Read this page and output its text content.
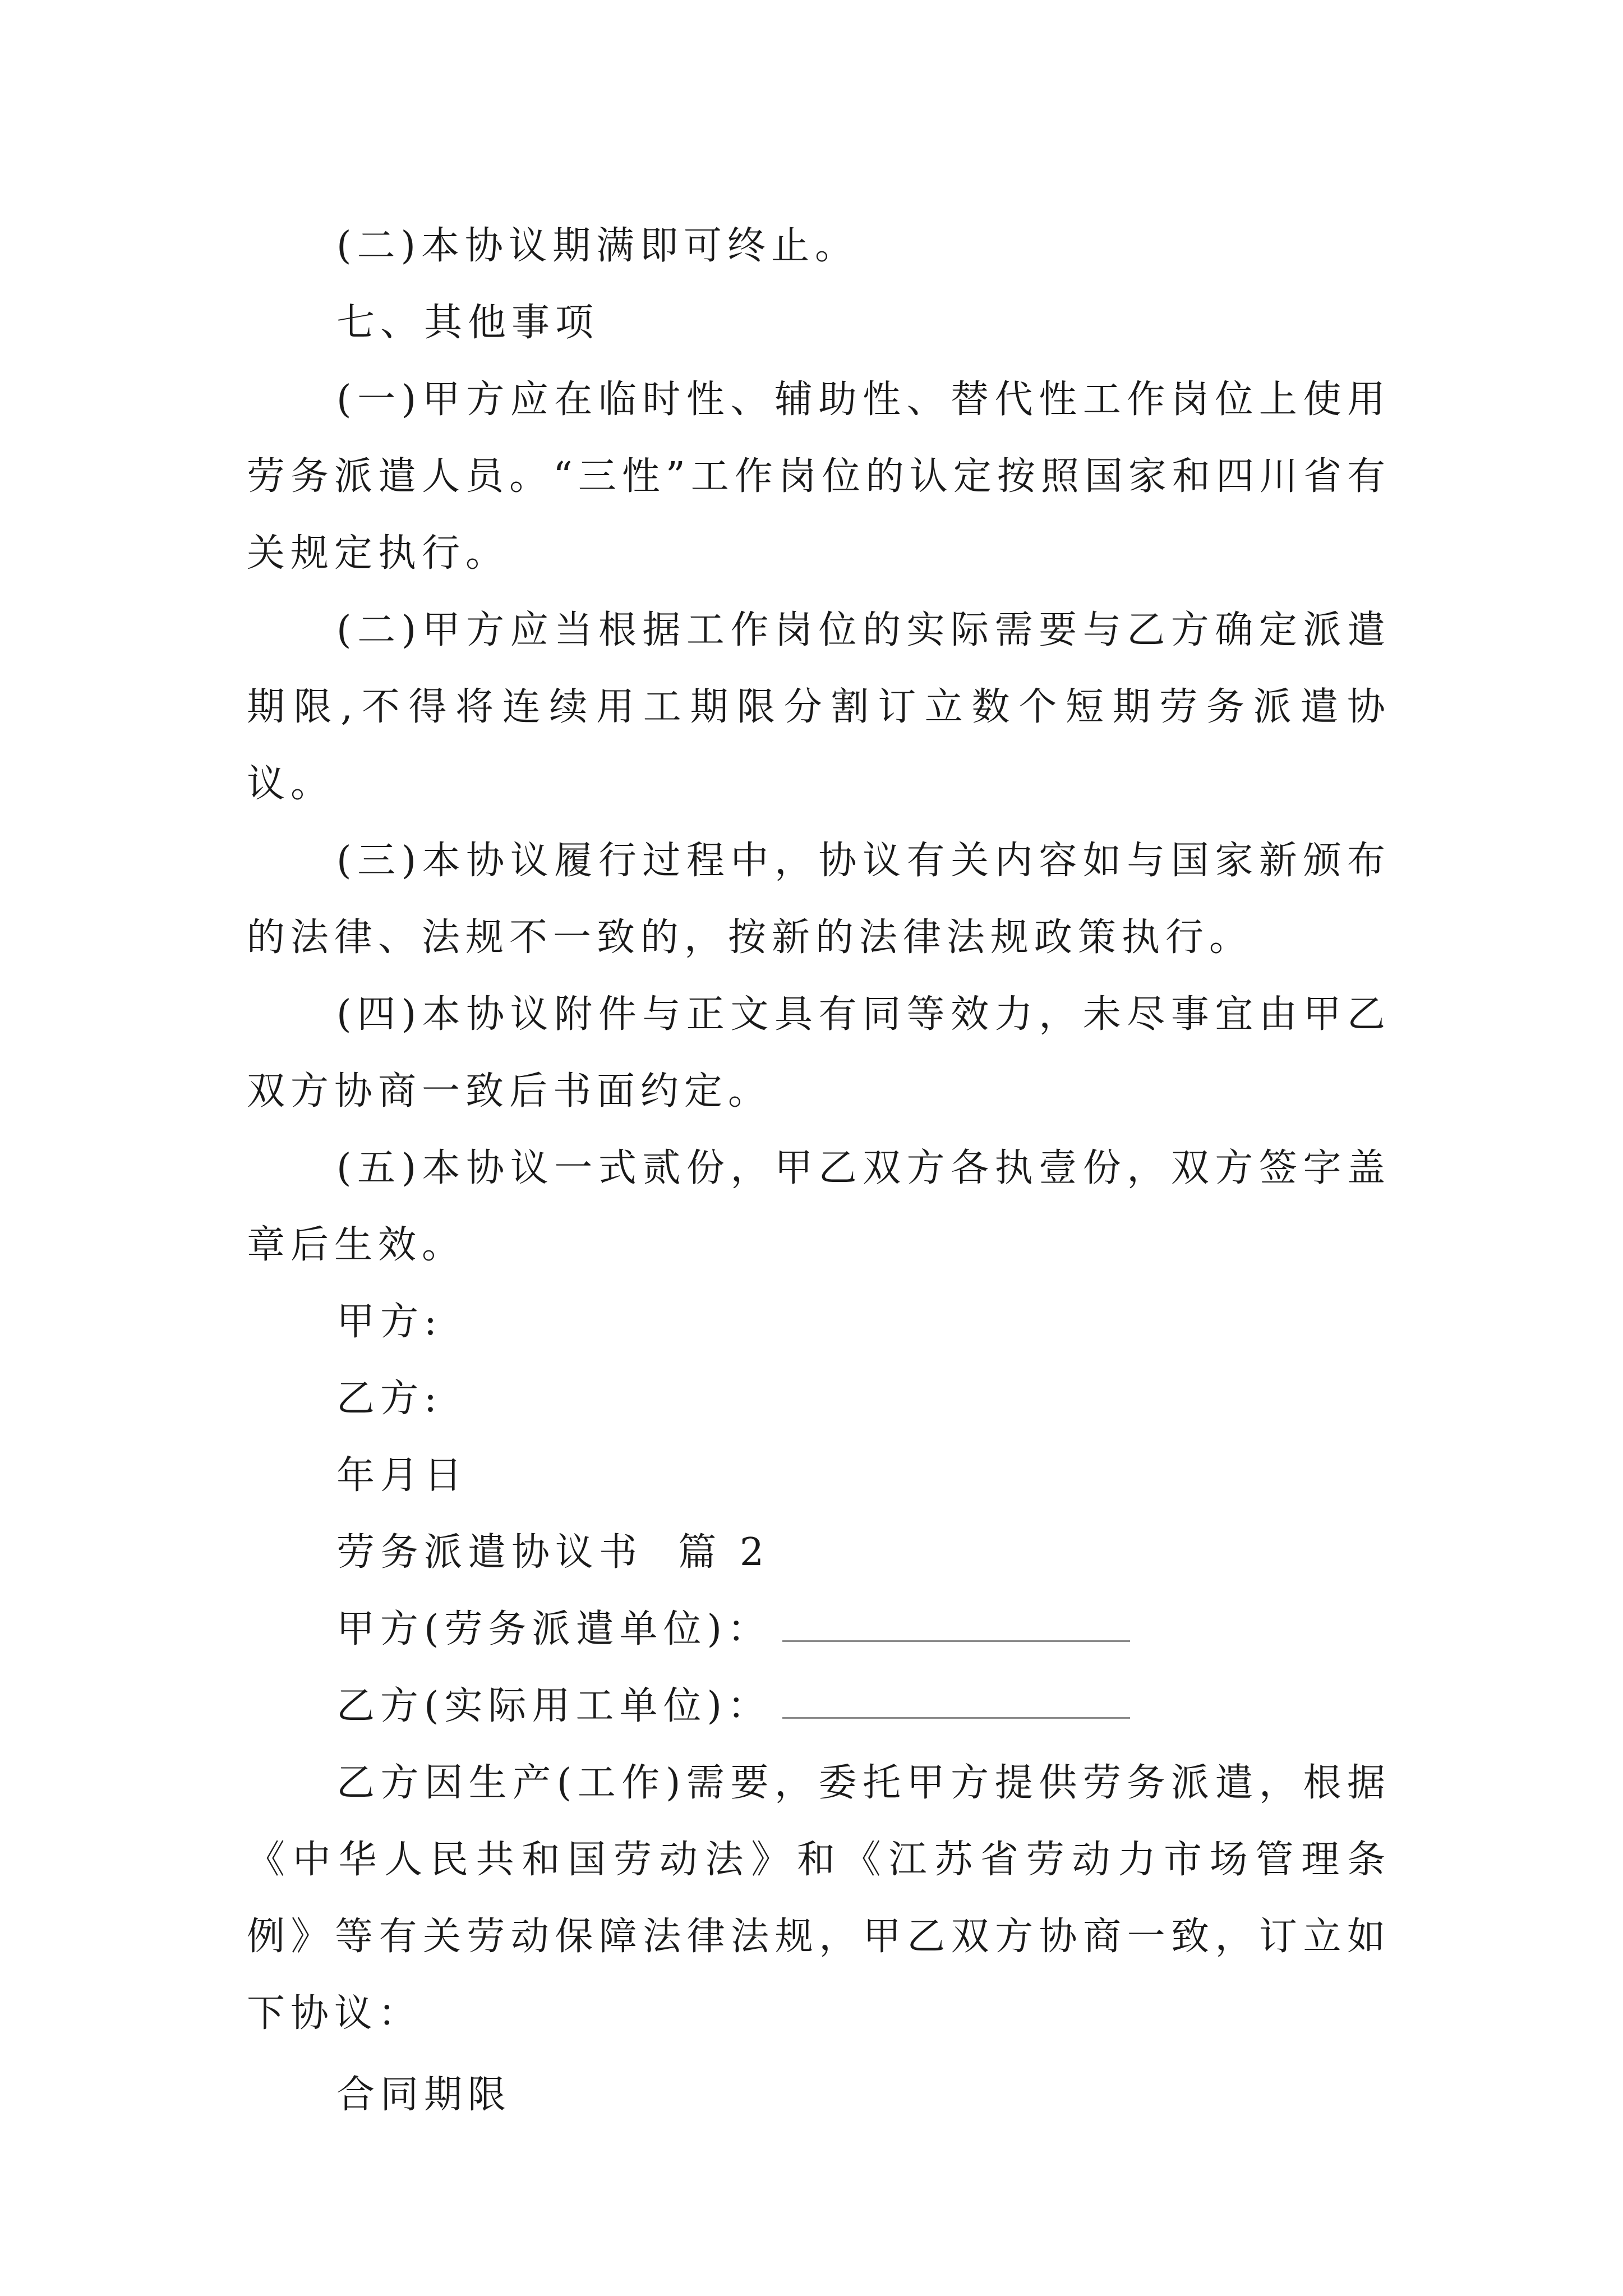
(二)本协议期满即可终止。

七、其他事项

(一)甲方应在临时性、辅助性、替代性工作岗位上使用劳务派遣人员。“三性”工作岗位的认定按照国家和四川省有关规定执行。

(二)甲方应当根据工作岗位的实际需要与乙方确定派遣期限,不得将连续用工期限分割订立数个短期劳务派遣协议。

(三)本协议履行过程中，协议有关内容如与国家新颁布的法律、法规不一致的，按新的法律法规政策执行。

(四)本协议附件与正文具有同等效力，未尽事宜由甲乙双方协商一致后书面约定。

(五)本协议一式贰份，甲乙双方各执壹份，双方签字盖章后生效。

甲方:

乙方:

年月日

劳务派遣协议书  篇 2

甲方(劳务派遣单位)：

乙方(实际用工单位)：

乙方因生产(工作)需要，委托甲方提供劳务派遣，根据《中华人民共和国劳动法》和《江苏省劳动力市场管理条例》等有关劳动保障法律法规，甲乙双方协商一致，订立如下协议：

合同期限
